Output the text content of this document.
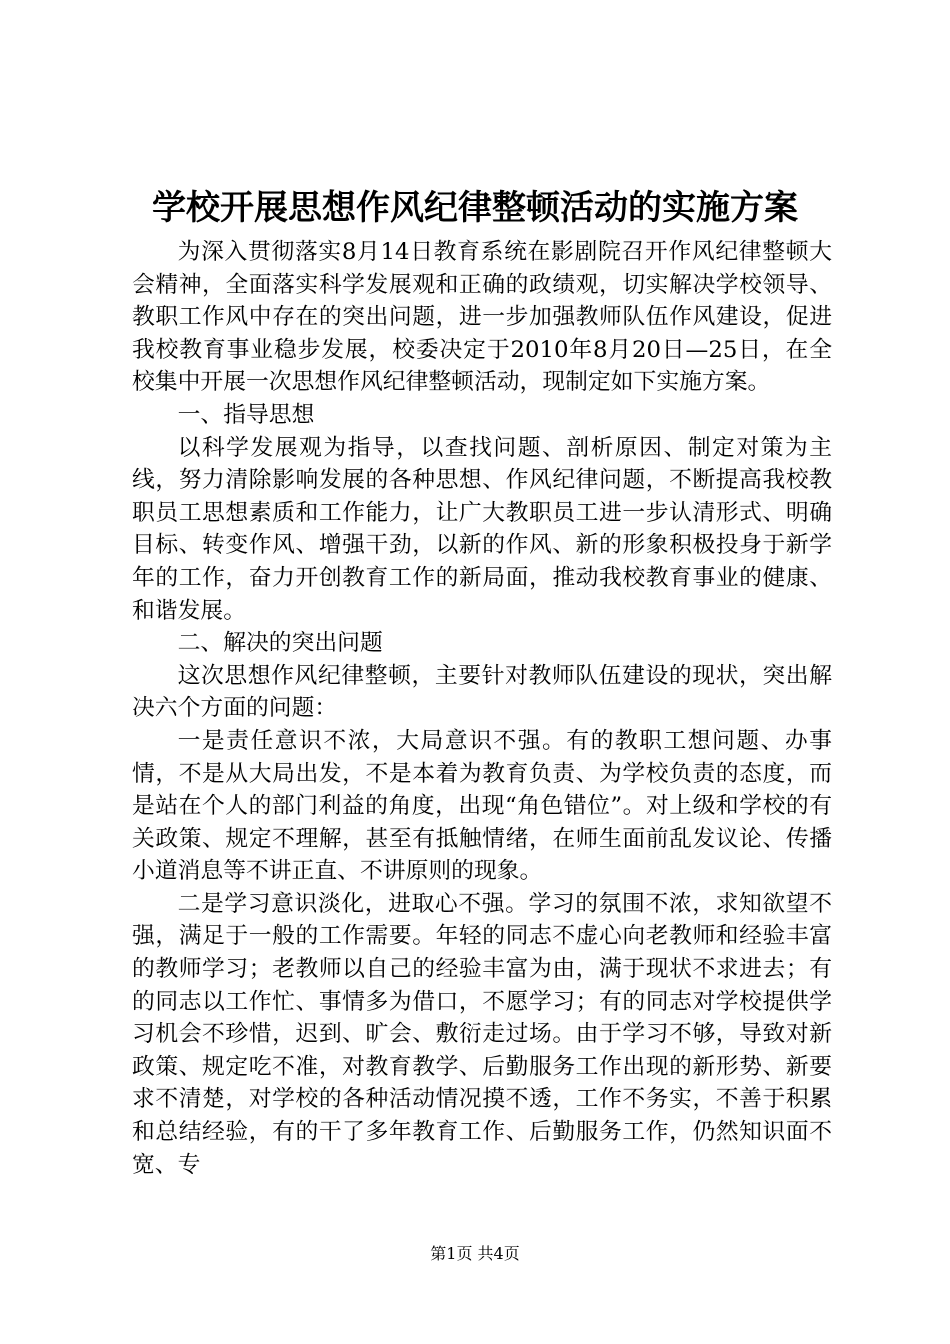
学校开展思想作风纪律整顿活动的实施方案

为深入贯彻落实8月14日教育系统在影剧院召开作风纪律整顿大会精神，全面落实科学发展观和正确的政绩观，切实解决学校领导、教职工作风中存在的突出问题，进一步加强教师队伍作风建设，促进我校教育事业稳步发展，校委决定于2010年8月20日—25日，在全校集中开展一次思想作风纪律整顿活动，现制定如下实施方案。

一、指导思想

以科学发展观为指导，以查找问题、剖析原因、制定对策为主线，努力清除影响发展的各种思想、作风纪律问题，不断提高我校教职员工思想素质和工作能力，让广大教职员工进一步认清形式、明确目标、转变作风、增强干劲，以新的作风、新的形象积极投身于新学年的工作，奋力开创教育工作的新局面，推动我校教育事业的健康、和谐发展。

二、解决的突出问题

这次思想作风纪律整顿，主要针对教师队伍建设的现状，突出解决六个方面的问题：

一是责任意识不浓，大局意识不强。有的教职工想问题、办事情，不是从大局出发，不是本着为教育负责、为学校负责的态度，而是站在个人的部门利益的角度，出现“角色错位”。对上级和学校的有关政策、规定不理解，甚至有抵触情绪，在师生面前乱发议论、传播小道消息等不讲正直、不讲原则的现象。

二是学习意识淡化，进取心不强。学习的氛围不浓，求知欲望不强，满足于一般的工作需要。年轻的同志不虚心向老教师和经验丰富的教师学习；老教师以自己的经验丰富为由，满于现状不求进去；有的同志以工作忙、事情多为借口，不愿学习；有的同志对学校提供学习机会不珍惜，迟到、旷会、敷衍走过场。由于学习不够，导致对新政策、规定吃不准，对教育教学、后勤服务工作出现的新形势、新要求不清楚，对学校的各种活动情况摸不透，工作不务实，不善于积累和总结经验，有的干了多年教育工作、后勤服务工作，仍然知识面不宽、专

第1页 共4页
